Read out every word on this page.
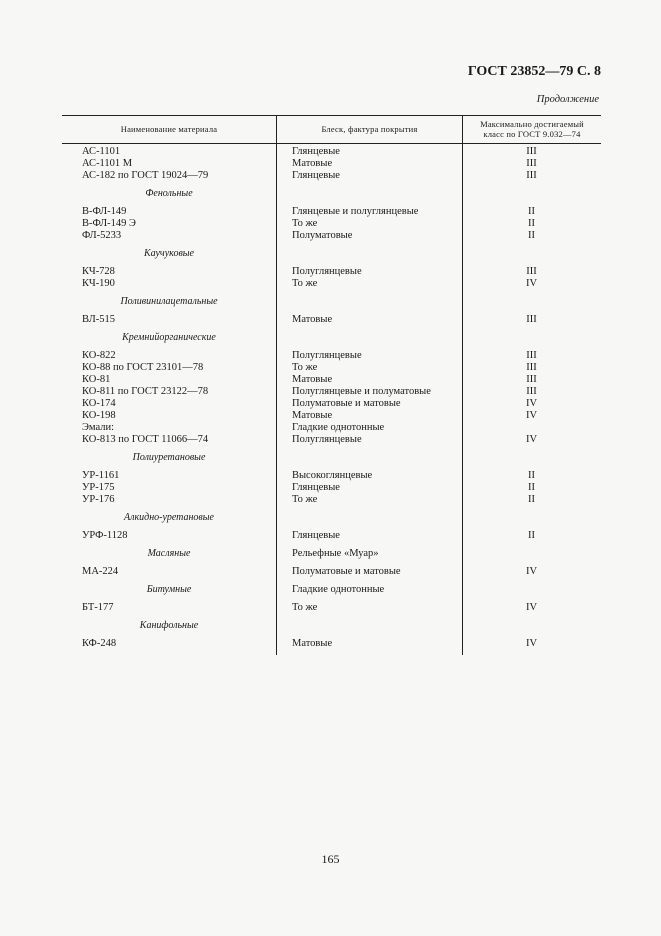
ГОСТ 23852—79 С. 8
Продолжение
Наименование материала	Блеск, фактура покрытия	Максимально достигаемый класс по ГОСТ 9.032—74
АС-1101	Глянцевые	III
АС-1101 М	Матовые	III
АС-182 по ГОСТ 19024—79	Глянцевые	III
Фенольные
В-ФЛ-149	Глянцевые и полуглянцевые	II
В-ФЛ-149 Э	То же	II
ФЛ-5233	Полуматовые	II
Каучуковые
КЧ-728	Полуглянцевые	III
КЧ-190	То же	IV
Поливинилацетальные
ВЛ-515	Матовые	III
Кремнийорганические
КО-822	Полуглянцевые	III
КО-88 по ГОСТ 23101—78	То же	III
КО-81	Матовые	III
КО-811 по ГОСТ 23122—78	Полуглянцевые и полуматовые	III
КО-174	Полуматовые и матовые	IV
КО-198	Матовые	IV
Эмали:	Гладкие однотонные
КО-813 по ГОСТ 11066—74	Полуглянцевые	IV
Полиуретановые
УР-1161	Высокоглянцевые	II
УР-175	Глянцевые	II
УР-176	То же	II
Алкидно-уретановые
УРФ-1128	Глянцевые	II
Масляные	Рельефные «Муар»
МА-224	Полуматовые и матовые	IV
Битумные	Гладкие однотонные
БТ-177	То же	IV
Канифольные
КФ-248	Матовые	IV
165
